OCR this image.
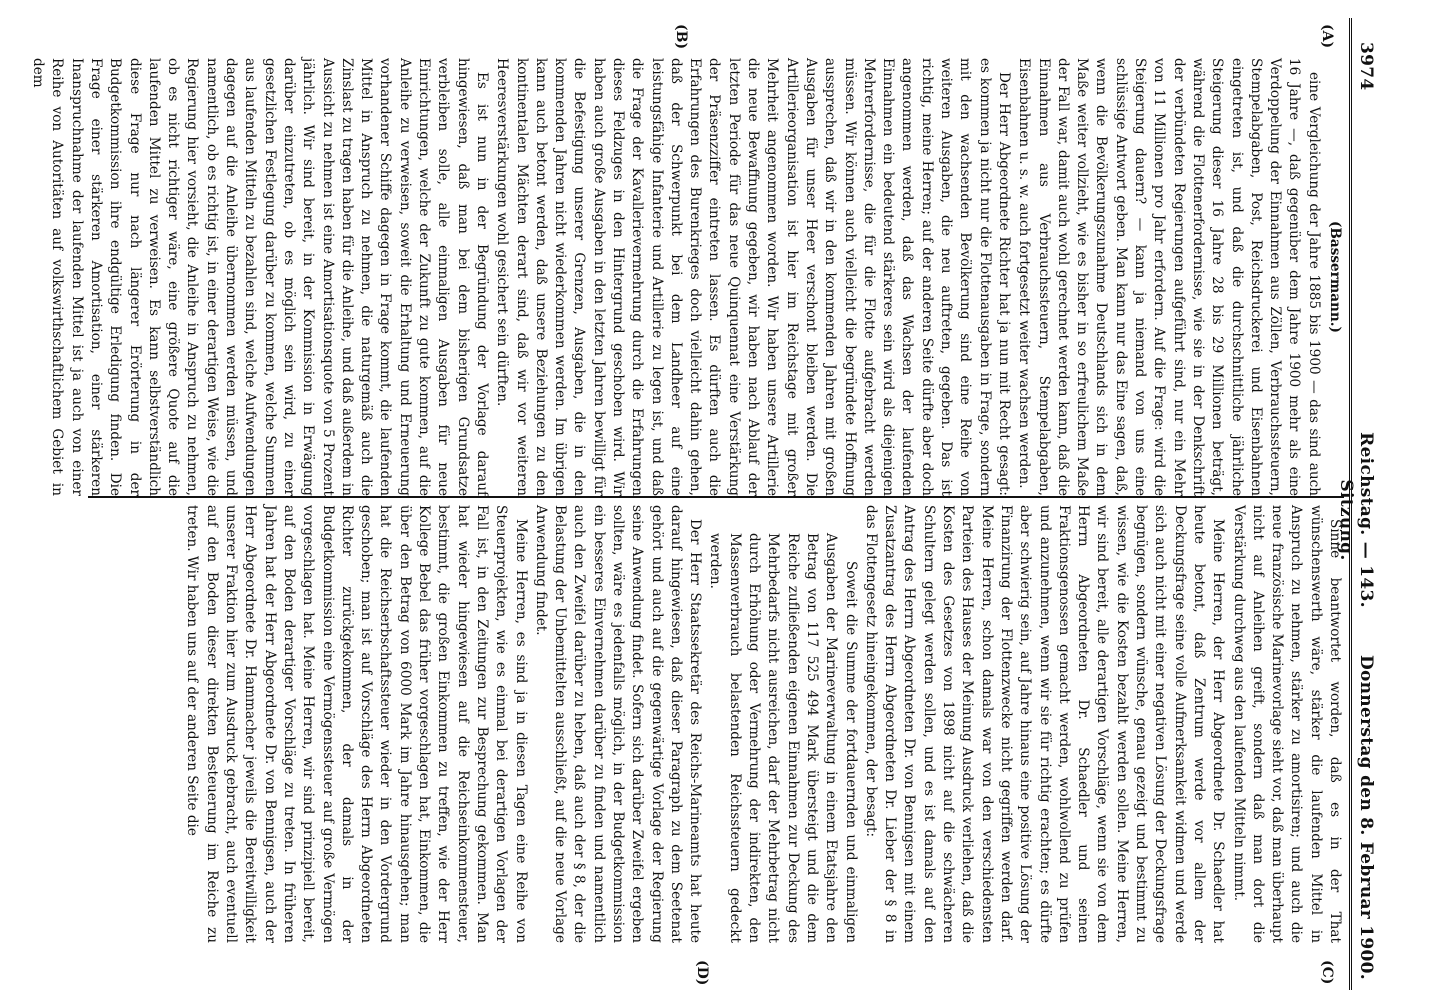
3974
Reichstag. — 143. Sitzung.
Donnerstag den 8. Februar 1900.
(A)
(B)
(C)
(D)

(Bassermann.)

eine Vergleichung der Jahre 1885 bis 1900 — das sind auch 16 Jahre —, daß gegenüber dem Jahre 1900 mehr als eine Verdoppelung der Einnahmen aus Zöllen, Verbrauchssteuern, Stempelabgaben, Post, Reichsdruckerei und Eisenbahnen eingetreten ist, und daß die durchschnittliche jährliche Steigerung dieser 16 Jahre 28 bis 29 Millionen beträgt, während die Flottenerfordernisse, wie sie in der Denkschrift der verbündeten Regierungen aufgeführt sind, nur ein Mehr von 11 Millionen pro Jahr erfordern. Auf die Frage: wird die Steigerung dauern? — kann ja niemand von uns eine schlüssige Antwort geben. Man kann nur das Eine sagen, daß, wenn die Bevölkerungszunahme Deutschlands sich in dem Maße weiter vollzieht, wie es bisher in so erfreulichem Maße der Fall war, damit auch wohl gerechnet werden kann, daß die Einnahmen aus Verbrauchssteuern, Stempelabgaben, Eisenbahnen u. s. w. auch fortgesetzt weiter wachsen werden.

Der Herr Abgeordnete Richter hat ja nun mit Recht gesagt: es kommen ja nicht nur die Flottenausgaben in Frage, sondern mit den wachsenden Bevölkerung sind eine Reihe von weiteren Ausgaben, die neu auftreten, gegeben. Das ist richtig, meine Herren; auf der anderen Seite dürfte aber doch angenommen werden, daß das Wachsen der laufenden Einnahmen ein bedeutend stärkeres sein wird als diejenigen Mehrerfordernisse, die für die Flotte aufgebracht werden müssen. Wir können auch vielleicht die begründete Hoffnung aussprechen, daß wir in den kommenden Jahren mit großen Ausgaben für unser Heer verschont bleiben werden. Die Artillerieorganisation ist hier im Reichstage mit großer Mehrheit angenommen worden. Wir haben unsere Artillerie die neue Bewaffnung gegeben, wir haben nach Ablauf der letzten Periode für das neue Quinquennat eine Verstärkung der Präsenzziffer eintreten lassen. Es dürften auch die Erfahrungen des Burenkrieges doch vielleicht dahin gehen, daß der Schwerpunkt bei dem Landheer auf eine leistungsfähige Infanterie und Artillerie zu legen ist, und daß die Frage der Kavallerievermehrung durch die Erfahrungen dieses Feldzuges in den Hintergrund geschoben wird. Wir haben auch große Ausgaben in den letzten Jahren bewilligt für die Befestigung unserer Grenzen, Ausgaben, die in den kommenden Jahren nicht wiederkommen werden. Im übrigen kann auch betont werden, daß unsere Beziehungen zu den kontinentalen Mächten derart sind, daß wir vor weiteren Heeresverstärkungen wohl gesichert sein dürften.

Es ist nun in der Begründung der Vorlage darauf hingewiesen, daß man bei dem bisherigen Grundsatze verbleiben solle, alle einmaligen Ausgaben für neue Einrichtungen, welche der Zukunft zu gute kommen, auf die Anleihe zu verweisen, soweit die Erhaltung und Erneuerung vorhandener Schiffe dagegen in Frage kommt, die laufenden Mittel in Anspruch zu nehmen, die naturgemäß auch die Zinslast zu tragen haben für die Anleihe, und daß außerdem in Aussicht zu nehmen ist eine Amortisationsquote von 5 Prozent jährlich. Wir sind bereit, in der Kommission in Erwägung darüber einzutreten, ob es möglich sein wird, zu einer gesetzlichen Festlegung darüber zu kommen, welche Summen aus laufenden Mitteln zu bezahlen sind, welche Aufwendungen dagegen auf die Anleihe übernommen werden müssen, und namentlich, ob es richtig ist, in einer derartigen Weise, wie die Regierung hier vorsieht, die Anleihe in Anspruch zu nehmen, ob es nicht richtiger wäre, eine größere Quote auf die laufenden Mittel zu verweisen. Es kann selbstverständlich diese Frage nur nach längerer Erörterung in der Budgetkommission ihre endgültige Erledigung finden. Die Frage einer stärkeren Amortisation, einer stärkeren Inanspruchnahme der laufenden Mittel ist ja auch von einer Reihe von Autoritäten auf volkswirthschaftlichem Gebiet in dem

Sinne beantwortet worden, daß es in der That wünschenswerth wäre, stärker die laufenden Mittel in Anspruch zu nehmen, stärker zu amortisiren; und auch die neue französische Marinevorlage sieht vor, daß man überhaupt nicht auf Anleihen greift, sondern daß man dort die Verstärkung durchweg aus den laufenden Mitteln nimmt.

Meine Herren, der Herr Abgeordnete Dr. Schaedler hat heute betont, daß Zentrum werde vor allem der Deckungsfrage seine volle Aufmerksamkeit widmen und werde sich auch nicht mit einer negativen Lösung der Deckungsfrage begnügen, sondern wünsche, genau gezeigt und bestimmt zu wissen, wie die Kosten bezahlt werden sollen. Meine Herren, wir sind bereit, alle derartigen Vorschläge, wenn sie von dem Herrn Abgeordneten Dr. Schaedler und seinen Fraktionsgenossen gemacht werden, wohlwollend zu prüfen und anzunehmen, wenn wir sie für richtig erachten; es dürfte aber schwierig sein, auf Jahre hinaus eine positive Lösung der Finanzirung der Flottenzwecke nicht gegriffen werden darf. Meine Herren, schon damals war von den verschiedensten Parteien des Hauses der Meinung Ausdruck verliehen, daß die Kosten des Gesetzes von 1898 nicht auf die schwächeren Schultern gelegt werden sollen, und es ist damals auf den Antrag des Herrn Abgeordneten Dr. von Bennigsen mit einem Zusatzantrag des Herrn Abgeordneten Dr. Lieber der § 8 in das Flottengesetz hineingekommen, der besagt:

Soweit die Summe der fortdauernden und einmaligen Ausgaben der Marineverwaltung in einem Etatsjahre den Betrag von 117 525 494 Mark übersteigt und die dem Reiche zufließenden eigenen Einnahmen zur Deckung des Mehrbedarfs nicht ausreichen, darf der Mehrbetrag nicht durch Erhöhung oder Vermehrung der indirekten, den Massenverbrauch belastenden Reichssteuern gedeckt werden.

Der Herr Staatssekretär des Reichs-Marineamts hat heute darauf hingewiesen, daß dieser Paragraph zu dem Seetenat gehört und auch auf die gegenwärtige Vorlage der Regierung seine Anwendung findet. Sofern sich darüber Zweifel ergeben sollten, wäre es jedenfalls möglich, in der Budgetkommission ein besseres Einvernehmen darüber zu finden und namentlich auch den Zweifel darüber zu heben, daß auch der § 8, der die Belastung der Unbemittelten ausschließt, auf die neue Vorlage Anwendung findet.

Meine Herren, es sind ja in diesen Tagen eine Reihe von Steuerprojekten, wie es einmal bei derartigen Vorlagen der Fall ist, in den Zeitungen zur Besprechung gekommen. Man hat wieder hingewiesen auf die Reichseinkommensteuer, bestimmt, die großen Einkommen zu treffen, wie der Herr Kollege Bebel das früher vorgeschlagen hat, Einkommen, die über den Betrag von 6000 Mark im Jahre hinausgehen; man hat die Reichserbschaftssteuer wieder in den Vordergrund geschoben; man ist auf Vorschläge des Herrn Abgeordneten Richter zurückgekommen, der damals in der Budgetkommission eine Vermögenssteuer auf große Vermögen vorgeschlagen hat. Meine Herren, wir sind prinzipiell bereit, auf den Boden derartiger Vorschläge zu treten. In früheren Jahren hat der Herr Abgeordnete Dr. von Bennigsen, auch der Herr Abgeordnete Dr. Hammacher jeweils die Bereitwilligkeit unserer Fraktion hier zum Ausdruck gebracht, auch eventuell auf den Boden dieser direkten Besteuerung im Reiche zu treten. Wir haben uns auf der anderen Seite die
